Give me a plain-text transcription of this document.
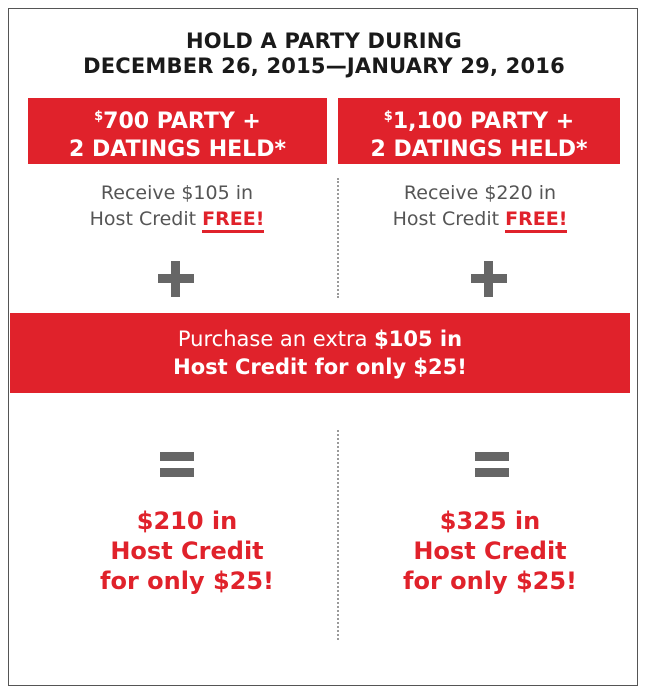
HOLD A PARTY DURING
DECEMBER 26, 2015—JANUARY 29, 2016
$700 PARTY +
2 DATINGS HELD*
$1,100 PARTY +
2 DATINGS HELD*
Receive $105 in
Host Credit FREE!
Receive $220 in
Host Credit FREE!
Purchase an extra $105 in
Host Credit for only $25!
$210 in
Host Credit
for only $25!
$325 in
Host Credit
for only $25!
